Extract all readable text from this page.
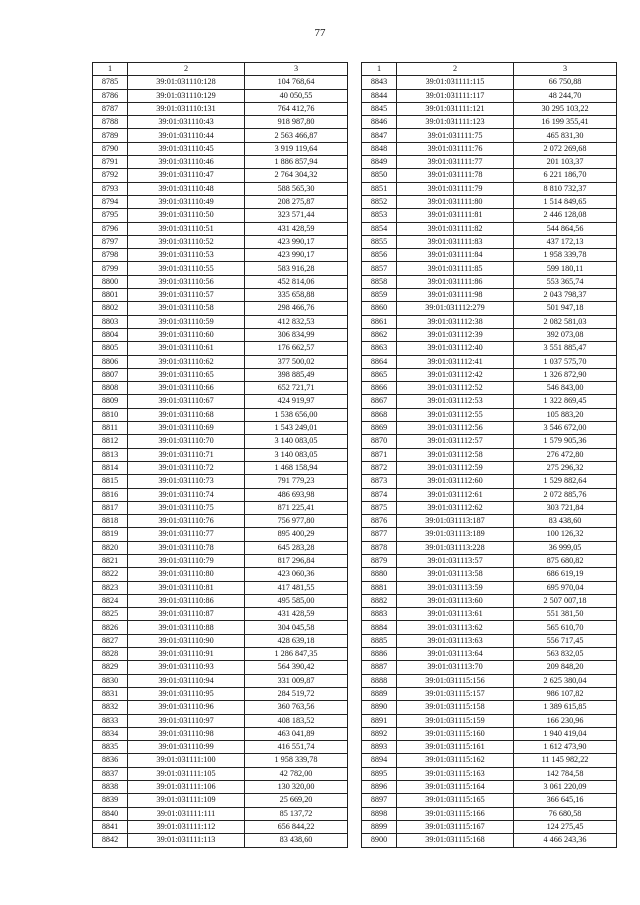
77
1	2	3
8785	39:01:031110:128	104 768,64
8786	39:01:031110:129	40 050,55
8787	39:01:031110:131	764 412,76
8788	39:01:031110:43	918 987,80
8789	39:01:031110:44	2 563 466,87
8790	39:01:031110:45	3 919 119,64
8791	39:01:031110:46	1 886 857,94
8792	39:01:031110:47	2 764 304,32
8793	39:01:031110:48	588 565,30
8794	39:01:031110:49	208 275,87
8795	39:01:031110:50	323 571,44
8796	39:01:031110:51	431 428,59
8797	39:01:031110:52	423 990,17
8798	39:01:031110:53	423 990,17
8799	39:01:031110:55	583 916,28
8800	39:01:031110:56	452 814,06
8801	39:01:031110:57	335 658,88
8802	39:01:031110:58	298 466,76
8803	39:01:031110:59	412 832,53
8804	39:01:031110:60	306 834,99
8805	39:01:031110:61	176 662,57
8806	39:01:031110:62	377 500,02
8807	39:01:031110:65	398 885,49
8808	39:01:031110:66	652 721,71
8809	39:01:031110:67	424 919,97
8810	39:01:031110:68	1 538 656,00
8811	39:01:031110:69	1 543 249,01
8812	39:01:031110:70	3 140 083,05
8813	39:01:031110:71	3 140 083,05
8814	39:01:031110:72	1 468 158,94
8815	39:01:031110:73	791 779,23
8816	39:01:031110:74	486 693,98
8817	39:01:031110:75	871 225,41
8818	39:01:031110:76	756 977,80
8819	39:01:031110:77	895 400,29
8820	39:01:031110:78	645 283,28
8821	39:01:031110:79	817 296,84
8822	39:01:031110:80	423 060,36
8823	39:01:031110:81	417 481,55
8824	39:01:031110:86	495 585,00
8825	39:01:031110:87	431 428,59
8826	39:01:031110:88	304 045,58
8827	39:01:031110:90	428 639,18
8828	39:01:031110:91	1 286 847,35
8829	39:01:031110:93	564 390,42
8830	39:01:031110:94	331 009,87
8831	39:01:031110:95	284 519,72
8832	39:01:031110:96	360 763,56
8833	39:01:031110:97	408 183,52
8834	39:01:031110:98	463 041,89
8835	39:01:031110:99	416 551,74
8836	39:01:031111:100	1 958 339,78
8837	39:01:031111:105	42 782,00
8838	39:01:031111:106	130 320,00
8839	39:01:031111:109	25 669,20
8840	39:01:031111:111	85 137,72
8841	39:01:031111:112	656 844,22
8842	39:01:031111:113	83 438,60
1	2	3
8843	39:01:031111:115	66 750,88
8844	39:01:031111:117	48 244,70
8845	39:01:031111:121	30 295 103,22
8846	39:01:031111:123	16 199 355,41
8847	39:01:031111:75	465 831,30
8848	39:01:031111:76	2 072 269,68
8849	39:01:031111:77	201 103,37
8850	39:01:031111:78	6 221 186,70
8851	39:01:031111:79	8 810 732,37
8852	39:01:031111:80	1 514 849,65
8853	39:01:031111:81	2 446 128,08
8854	39:01:031111:82	544 864,56
8855	39:01:031111:83	437 172,13
8856	39:01:031111:84	1 958 339,78
8857	39:01:031111:85	599 180,11
8858	39:01:031111:86	553 365,74
8859	39:01:031111:98	2 043 798,37
8860	39:01:031112:279	501 947,18
8861	39:01:031112:38	2 082 581,03
8862	39:01:031112:39	392 073,08
8863	39:01:031112:40	3 551 885,47
8864	39:01:031112:41	1 037 575,70
8865	39:01:031112:42	1 326 872,90
8866	39:01:031112:52	546 843,00
8867	39:01:031112:53	1 322 869,45
8868	39:01:031112:55	105 883,20
8869	39:01:031112:56	3 546 672,00
8870	39:01:031112:57	1 579 905,36
8871	39:01:031112:58	276 472,80
8872	39:01:031112:59	275 296,32
8873	39:01:031112:60	1 529 882,64
8874	39:01:031112:61	2 072 885,76
8875	39:01:031112:62	303 721,84
8876	39:01:031113:187	83 438,60
8877	39:01:031113:189	100 126,32
8878	39:01:031113:228	36 999,05
8879	39:01:031113:57	875 680,82
8880	39:01:031113:58	686 619,19
8881	39:01:031113:59	695 970,04
8882	39:01:031113:60	2 507 007,18
8883	39:01:031113:61	551 381,50
8884	39:01:031113:62	565 610,70
8885	39:01:031113:63	556 717,45
8886	39:01:031113:64	563 832,05
8887	39:01:031113:70	209 848,20
8888	39:01:031115:156	2 625 380,04
8889	39:01:031115:157	986 107,82
8890	39:01:031115:158	1 389 615,85
8891	39:01:031115:159	166 230,96
8892	39:01:031115:160	1 940 419,04
8893	39:01:031115:161	1 612 473,90
8894	39:01:031115:162	11 145 982,22
8895	39:01:031115:163	142 784,58
8896	39:01:031115:164	3 061 220,09
8897	39:01:031115:165	366 645,16
8898	39:01:031115:166	76 680,58
8899	39:01:031115:167	124 275,45
8900	39:01:031115:168	4 466 243,36
